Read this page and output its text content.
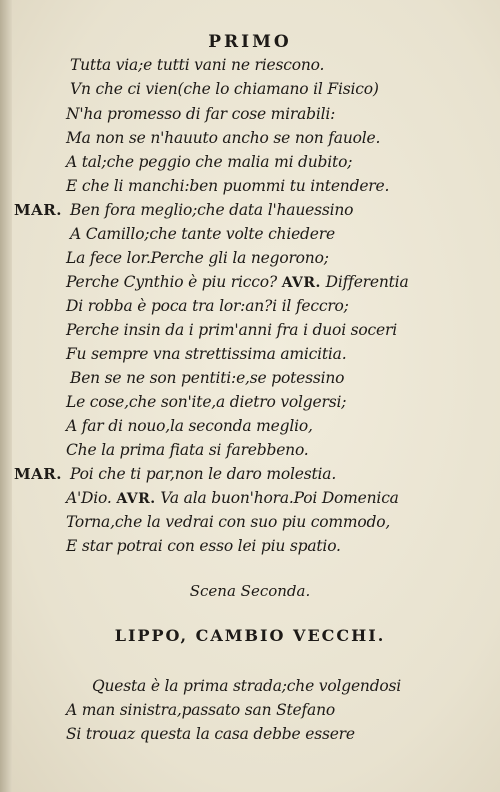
PRIMO
Tutta via;e tutti vani ne riescono.
Vn che ci vien(che lo chiamano il Fisico)
N'ha promesso di far cose mirabili:
Ma non se n'hauuto ancho se non fauole.
A tal;che peggio che malia mi dubito;
E che li manchi:ben puommi tu intendere.
MAR. Ben fora meglio;che data l'hauessino
A Camillo;che tante volte chiedere
La fece lor.Perche gli la negorono;
Perche Cynthio è piu ricco? AVR. Differentia
Di robba è poca tra lor:an?i il feccro;
Perche insin da i prim'anni fra i duoi soceri
Fu sempre vna strettissima amicitia.
Ben se ne son pentiti:e,se potessino
Le cose,che son'ite,a dietro volgersi;
A far di nouo,la seconda meglio,
Che la prima fiata si farebbeno.
MAR. Poi che ti par,non le daro molestia.
A'Dio. AVR. Va ala buon'hora.Poi Domenica
Torna,che la vedrai con suo piu commodo,
E star potrai con esso lei piu spatio.
Scena Seconda.
LIPPO, CAMBIO VECCHI.
Questa è la prima strada;che volgendosi
A man sinistra,passato san Stefano
Si trouaz questa la casa debbe essere
